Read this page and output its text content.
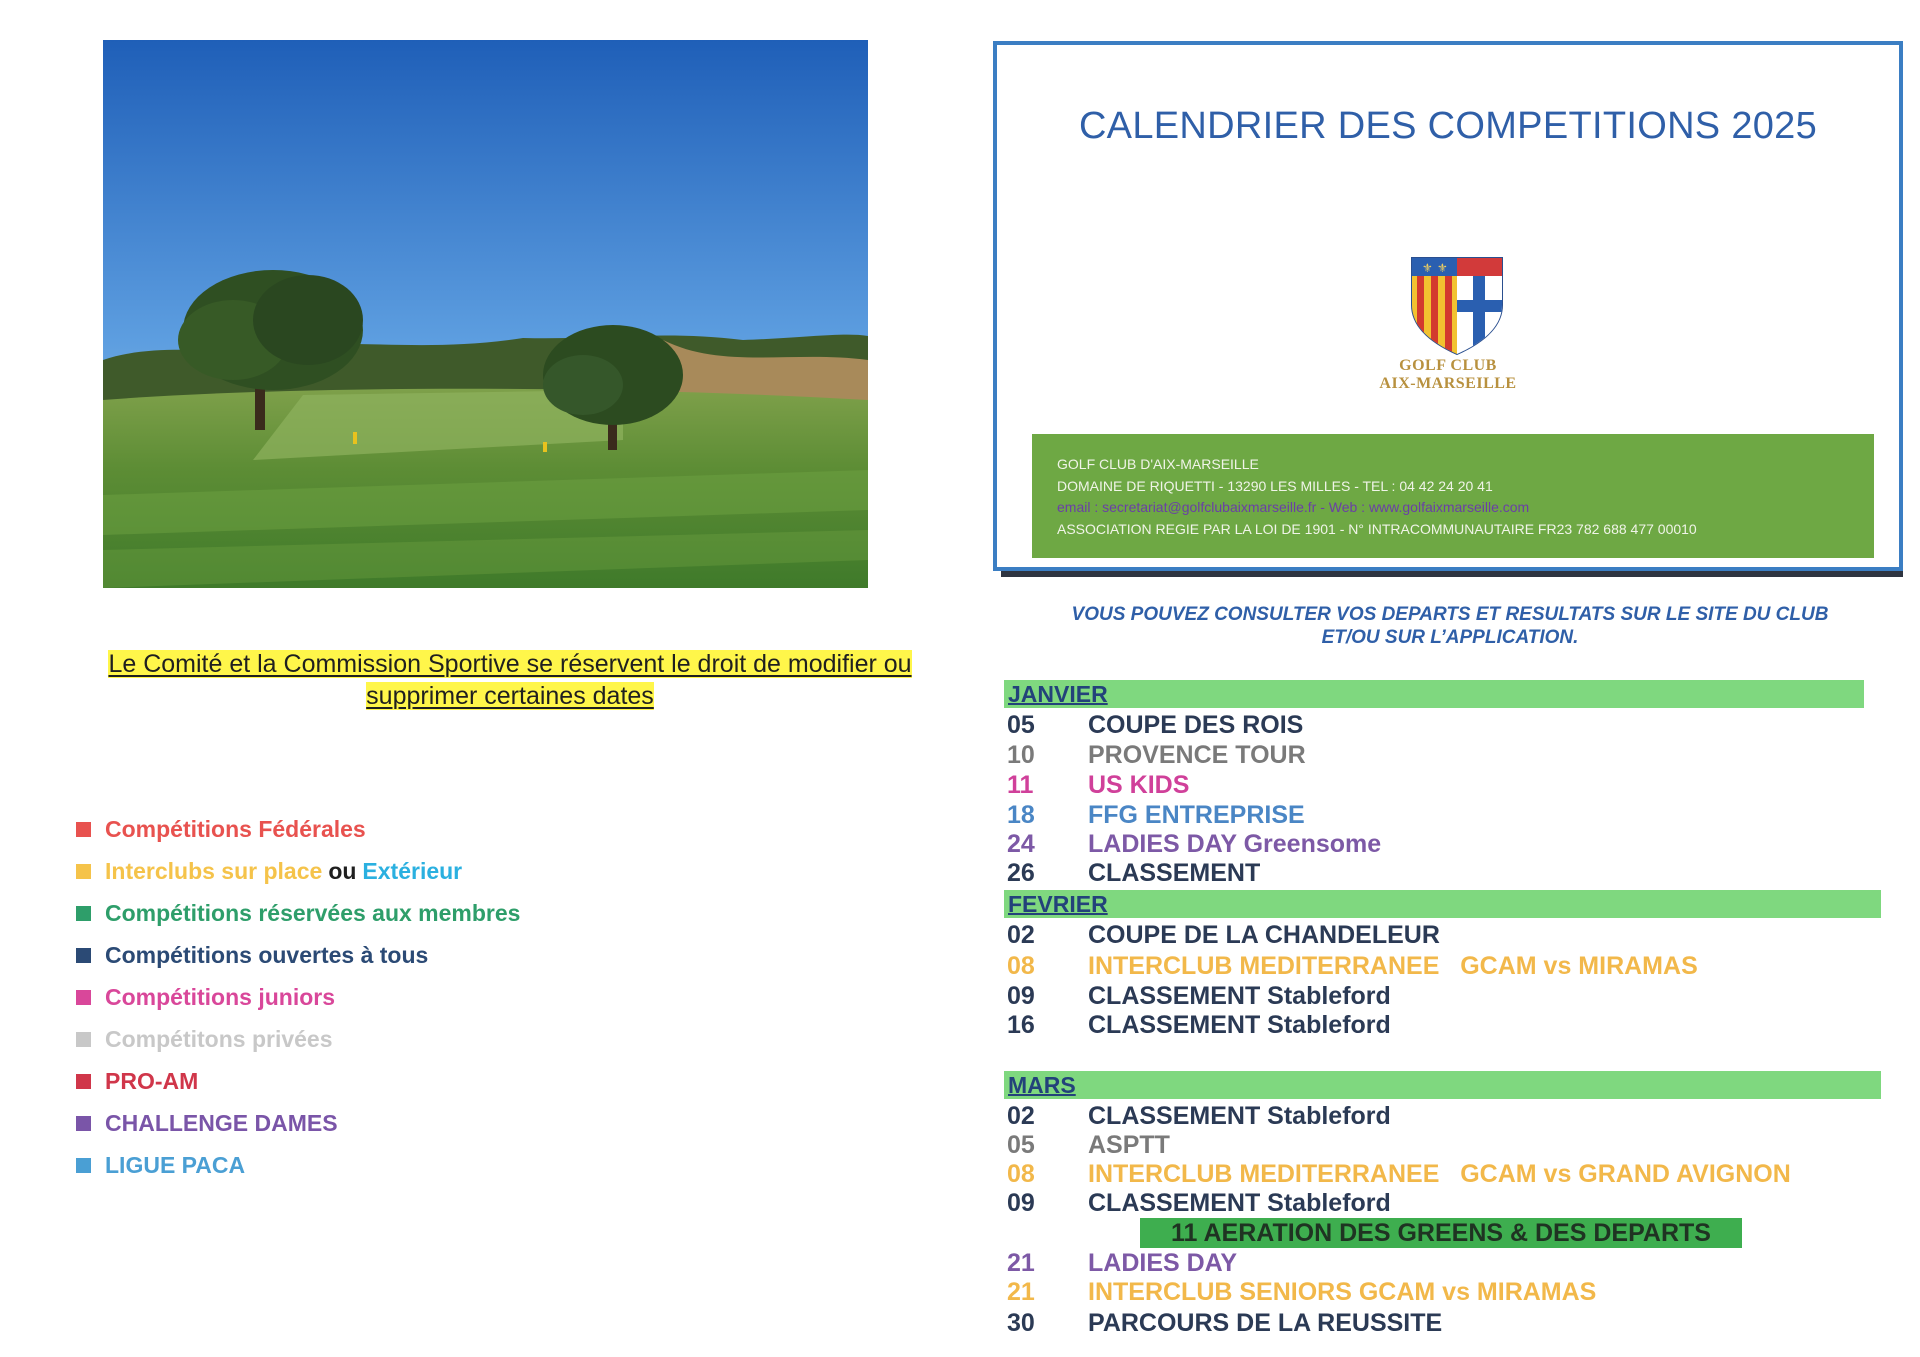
Le Comité et la Commission Sportive se réservent le droit de modifier ou
supprimer certaines dates
Compétitions Fédérales
Interclubs sur place ou Extérieur
Compétitions réservées aux membres
Compétitions ouvertes à tous
Compétitions juniors
Compétitons privées
PRO-AM
CHALLENGE DAMES
LIGUE PACA
CALENDRIER DES COMPETITIONS 2025
⚜ ⚜
GOLF CLUB
AIX-MARSEILLE
GOLF CLUB D'AIX-MARSEILLE
DOMAINE DE RIQUETTI - 13290 LES MILLES - TEL : 04 42 24 20 41
email : secretariat@golfclubaixmarseille.fr - Web : www.golfaixmarseille.com
ASSOCIATION REGIE PAR LA LOI DE 1901 - N° INTRACOMMUNAUTAIRE FR23 782 688 477 00010
VOUS POUVEZ CONSULTER VOS DEPARTS ET RESULTATS SUR LE SITE DU CLUB
ET/OU SUR L’APPLICATION.
JANVIER
05 COUPE DES ROIS
10 PROVENCE TOUR
11 US KIDS
18 FFG ENTREPRISE
24 LADIES DAY Greensome
26 CLASSEMENT
FEVRIER
02 COUPE DE LA CHANDELEUR
08 INTERCLUB MEDITERRANEE   GCAM vs MIRAMAS
09 CLASSEMENT Stableford
16 CLASSEMENT Stableford
MARS
02 CLASSEMENT Stableford
05 ASPTT
08 INTERCLUB MEDITERRANEE   GCAM vs GRAND AVIGNON
09 CLASSEMENT Stableford
11 AERATION DES GREENS & DES DEPARTS
21 LADIES DAY
21 INTERCLUB SENIORS GCAM vs MIRAMAS
30 PARCOURS DE LA REUSSITE
